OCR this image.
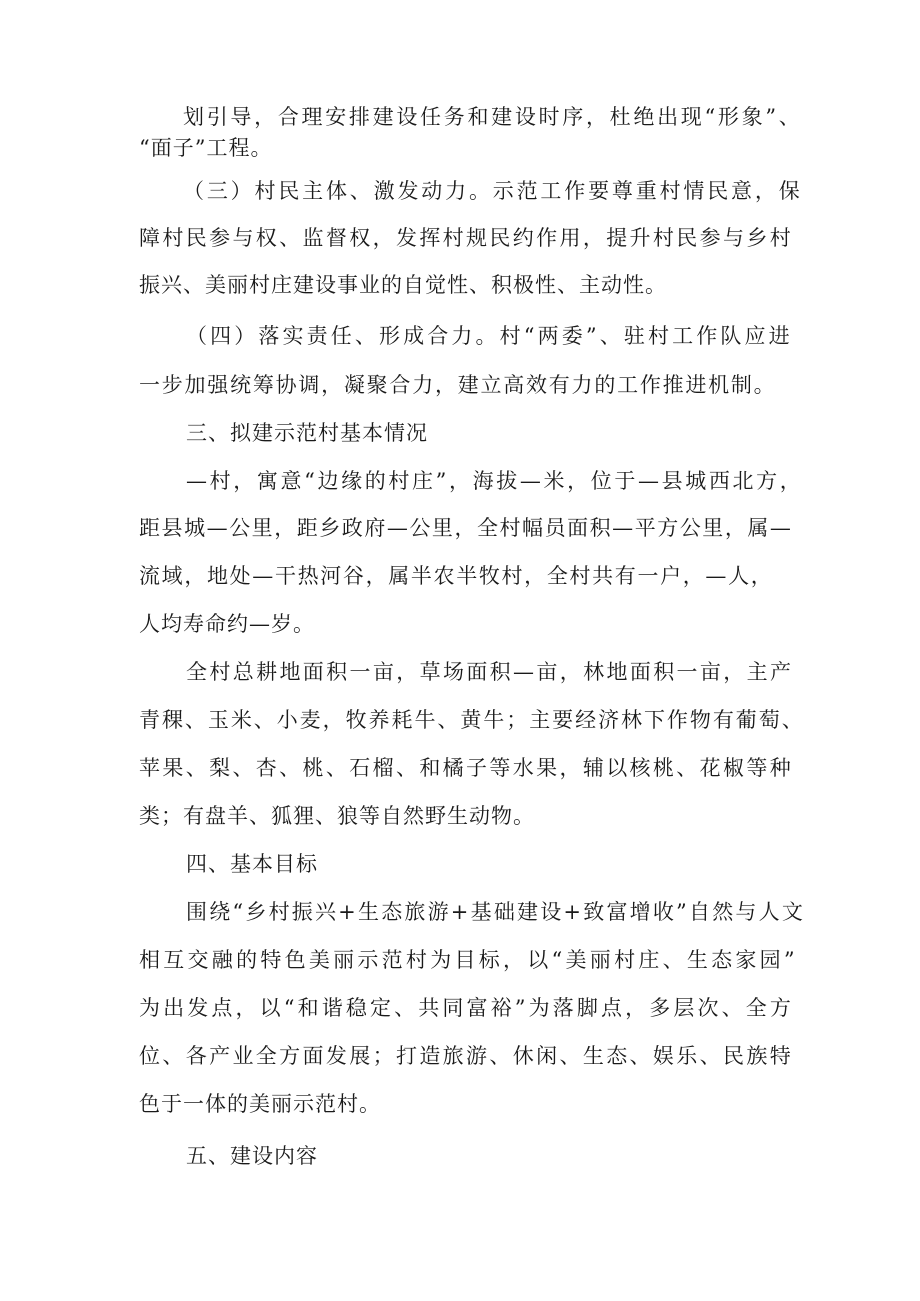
划 引 导 ， 合 理 安 排 建 设 任 务 和 建 设 时 序 ， 杜 绝 出 现 “ 形 象 ” 、
“面子”工程。
（ 三 ） 村 民 主 体 、 激 发 动 力 。 示 范 工 作 要 尊 重 村 情 民 意 ， 保
障 村 民 参 与 权 、 监 督 权 ， 发 挥 村 规 民 约 作 用 ， 提 升 村 民 参 与 乡 村
振兴、美丽村庄建设事业的自觉性、积极性、主动性。
（ 四 ） 落 实 责 任 、 形 成 合 力 。 村 “ 两 委 ” 、 驻 村 工 作 队 应 进
一 步 加 强 统 筹 协 调 ， 凝 聚 合 力 ， 建 立 高 效 有 力 的 工 作 推 进 机 制 。
三、拟建示范村基本情况
— 村 ， 寓 意 “ 边 缘 的 村 庄 ” ， 海 拔 — 米 ， 位 于 — 县 城 西 北 方 ，
距 县 城 — 公 里 ， 距 乡 政 府 — 公 里 ， 全 村 幅 员 面 积 — 平 方 公 里 ， 属 —
流 域 ， 地 处 — 干 热 河 谷 ， 属 半 农 半 牧 村 ， 全 村 共 有 一 户 ， — 人 ，
人均寿命约—岁。
全 村 总 耕 地 面 积 一 亩 ， 草 场 面 积 — 亩 ， 林 地 面 积 一 亩 ， 主 产
青 稞 、 玉 米 、 小 麦 ， 牧 养 耗 牛 、 黄 牛 ； 主 要 经 济 林 下 作 物 有 葡 萄 、
苹 果 、 梨 、 杏 、 桃 、 石 榴 、 和 橘 子 等 水 果 ， 辅 以 核 桃 、 花 椒 等 种
类；有盘羊、狐狸、狼等自然野生动物。
四、基本目标
围 绕 “ 乡 村 振 兴 + 生 态 旅 游 + 基 础 建 设 + 致 富 增 收 ” 自 然 与 人 文
相 互 交 融 的 特 色 美 丽 示 范 村 为 目 标 ， 以 “ 美 丽 村 庄 、 生 态 家 园 ”
为 出 发 点 ， 以 “ 和 谐 稳 定 、 共 同 富 裕 ” 为 落 脚 点 ， 多 层 次 、 全 方
位 、 各 产 业 全 方 面 发 展 ； 打 造 旅 游 、 休 闲 、 生 态 、 娱 乐 、 民 族 特
色于一体的美丽示范村。
五、建设内容
